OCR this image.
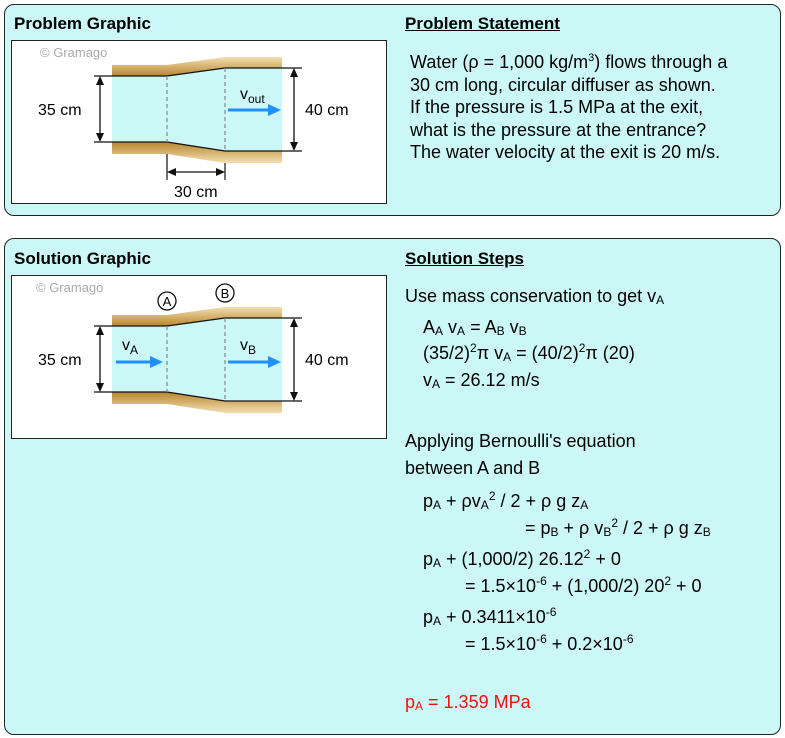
Problem Graphic	Problem Statement
© Gramago
35 cm	40 cm
30 cm
$v_{out}$
Water (ρ = 1,000 $kg/m^3$) flows through a
30 cm long, circular diffuser as shown.
If the pressure is 1.5 MPa at the exit,
what is the pressure at the entrance?
The water velocity at the exit is 20 m/s.
Solution Graphic	Solution Steps
A
B
© Gramago
35 cm	40 cm
$v_A$	$v_B$
Use mass conservation to get $v_A$
$A_A$ $v_A = A_B$ $v_B$
$(35/2)^2\pi$ $v_A = (40/2)^2\pi$ (20)
$v_A = 26.12$ m/s
Applying Bernoulli's equation
between A and B
$p_A + \rho v_A^2 / 2 + \rho$ g $z_A$
= $p_B + \rho$ $v_B^2 / 2 + \rho$ g $z_B$
$p_A + (1,000/2) 26.12^2 + 0$
= $1.5\times 10^{-6} + (1,000/2) 20^2 + 0$
$p_A + 0.3411\times 10^{-6}$
= $1.5\times 10^{-6} + 0.2\times 10^{-6}$
$p_A = 1.359$ MPa
